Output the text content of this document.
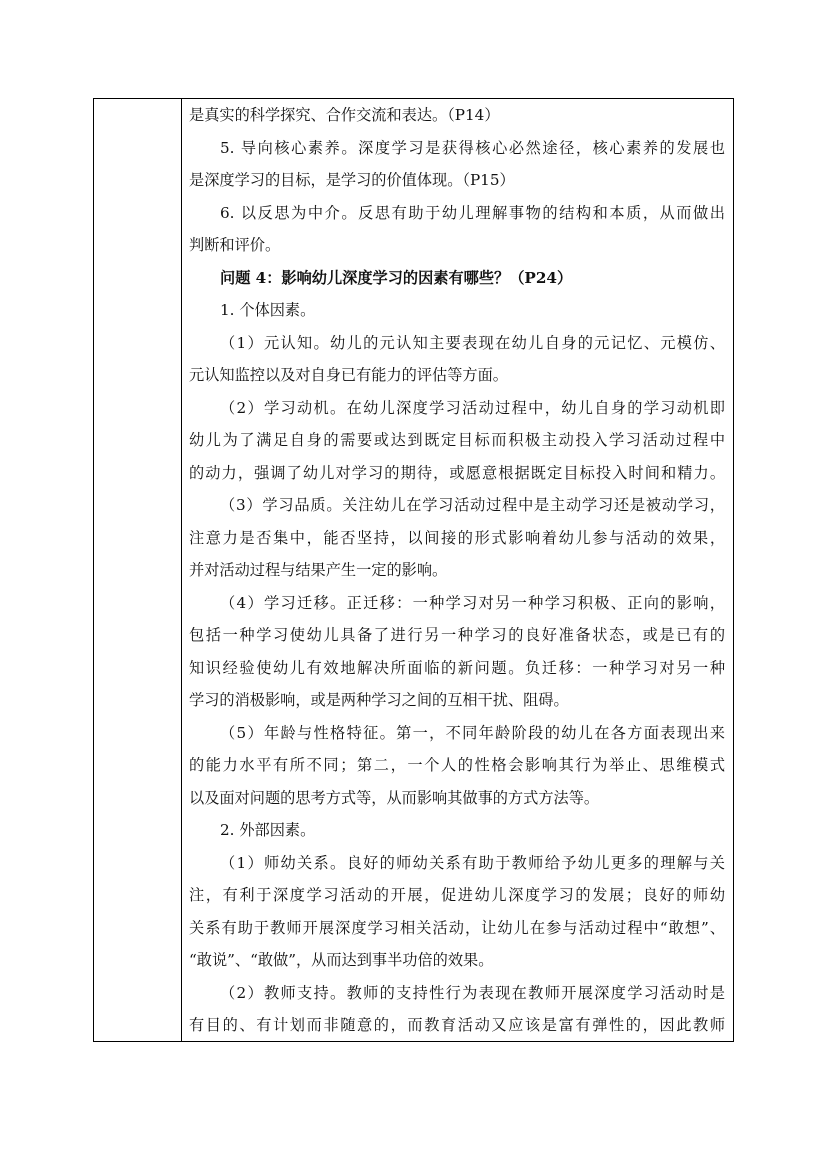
是真实的科学探究、合作交流和表达。（P14）
5. 导向核心素养。深度学习是获得核心必然途径，核心素养的发展也
是深度学习的目标，是学习的价值体现。（P15）
6. 以反思为中介。反思有助于幼儿理解事物的结构和本质，从而做出
判断和评价。
问题 4：影响幼儿深度学习的因素有哪些？（P24）
1. 个体因素。
（1）元认知。幼儿的元认知主要表现在幼儿自身的元记忆、元模仿、
元认知监控以及对自身已有能力的评估等方面。
（2）学习动机。在幼儿深度学习活动过程中，幼儿自身的学习动机即
幼儿为了满足自身的需要或达到既定目标而积极主动投入学习活动过程中
的动力，强调了幼儿对学习的期待，或愿意根据既定目标投入时间和精力。
（3）学习品质。关注幼儿在学习活动过程中是主动学习还是被动学习，
注意力是否集中，能否坚持，以间接的形式影响着幼儿参与活动的效果，
并对活动过程与结果产生一定的影响。
（4）学习迁移。正迁移：一种学习对另一种学习积极、正向的影响，
包括一种学习使幼儿具备了进行另一种学习的良好准备状态，或是已有的
知识经验使幼儿有效地解决所面临的新问题。负迁移：一种学习对另一种
学习的消极影响，或是两种学习之间的互相干扰、阻碍。
（5）年龄与性格特征。第一，不同年龄阶段的幼儿在各方面表现出来
的能力水平有所不同；第二，一个人的性格会影响其行为举止、思维模式
以及面对问题的思考方式等，从而影响其做事的方式方法等。
2. 外部因素。
（1）师幼关系。良好的师幼关系有助于教师给予幼儿更多的理解与关
注，有利于深度学习活动的开展，促进幼儿深度学习的发展；良好的师幼
关系有助于教师开展深度学习相关活动，让幼儿在参与活动过程中“敢想”、
“敢说”、“敢做”，从而达到事半功倍的效果。
（2）教师支持。教师的支持性行为表现在教师开展深度学习活动时是
有目的、有计划而非随意的，而教育活动又应该是富有弹性的，因此教师
